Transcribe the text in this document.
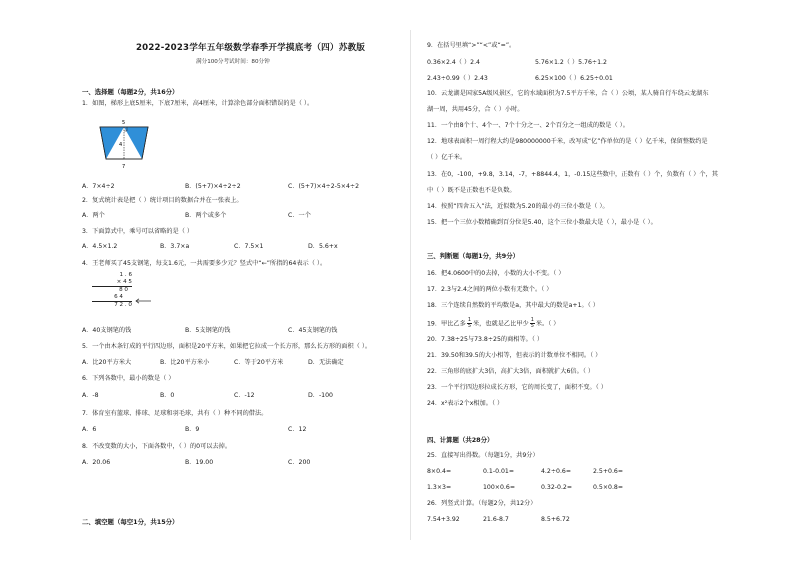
2022-2023学年五年级数学春季开学摸底考（四）苏教版
满分100分考试时间：80分钟
一、选择题（每题2分，共16分）
1．如图，梯形上底5厘米，下底7厘米，高4厘米，计算涂色部分面积错误的是（ ）。
5
4
7
A．7×4÷2	B．(5+7)×4÷2÷2	C．(5+7)×4÷2-5×4÷2
2．复式统计表是把（ ）统计项目的数据合并在一张表上。
A．两个	B．两个或多个	C．一个
3．下面算式中，乘号可以省略的是（ ）
A．4.5×1.2	B．3.7×a	C．7.5×1	D．5.6+x
4．王老师买了45支钢笔，每支1.6元，一共需要多少元？竖式中“←”所指的64表示（ ）。
1 . 6
× 4 5
8 0
6 4
7 2 . 0
A．40支钢笔的钱	B．5支钢笔的钱	C．45支钢笔的钱
5．一个由木条钉成的平行四边形，面积是20平方米，如果把它拉成一个长方形，那么长方形的面积（ ）。
A．比20平方米大	B．比20平方米小	C．等于20平方米	D．无法确定
6．下列各数中，最小的数是（ ）
A．-8	B．0	C．-12	D．-100
7．体育室有篮球、排球、足球和羽毛球，共有（ ）种不同的借法。
A．6	B．9	C．12
8．不改变数的大小，下面各数中，（ ）的0可以去掉。
A．20.06	B．19.00	C．200
二、填空题（每空1分，共15分）
9．在括号里填“>”“<”或“=”。
0.36×2.4（ ）2.4	5.76×1.2（ ）5.76÷1.2
2.43÷0.99（ ）2.43	6.25×100（ ）6.25÷0.01
10．云龙湖是国家5A级风景区，它的水域面积为7.5平方千米，合（ ）公顷，某人骑自行车绕云龙湖东
湖一周，共用45分，合（ ）小时。
11．一个由8个十、4个一、7个十分之一、2个百分之一组成的数是（ ）。
12．地球表面积一周行程大约是980000000千米，改写成“亿”作单位的是（ ）亿千米，保留整数约是
（ ）亿千米。
13．在0，-100，+9.8，3.14，-7，+8844.4，1，-0.15这些数中，正数有（ ）个，负数有（ ）个，其
中（ ）既不是正数也不是负数。
14．按照“四舍五入”法，近似数为5.20的最小的三位小数是（ ）。
15．把一个三位小数精确到百分位是5.40，这个三位小数最大是（ ），最小是（ ）。
三、判断题（每题1分，共9分）
16．把4.0600中的0去掉，小数的大小不变。（ ）
17．2.3与2.4之间的两位小数有无数个。（ ）
18．三个连续自然数的平均数是a，其中最大的数是a+1。（ ）
19．甲比乙多 $\frac{1}{5}$ 米，也就是乙比甲少 $\frac{1}{5}$ 米。（ ）
20．7.38÷25与73.8÷25的商相等。（ ）
21．39.50和39.5的大小相等，但表示的计数单位不相同。（ ）
22．三角形的底扩大3倍，高扩大3倍，面积就扩大6倍。（ ）
23．一个平行四边形拉成长方形，它的周长变了，面积不变。（ ）
24．x²表示2个x相加。（ ）
四、计算题（共28分）
25．直接写出得数。（每题1分，共9分）
8×0.4=	0.1-0.01=	4.2÷0.6=	2.5+0.6=
1.3×3=	100×0.6=	0.32-0.2=	0.5×0.8=
26．列竖式计算。（每题2分，共12分）
7.54+3.92	21.6-8.7	8.5+6.72
